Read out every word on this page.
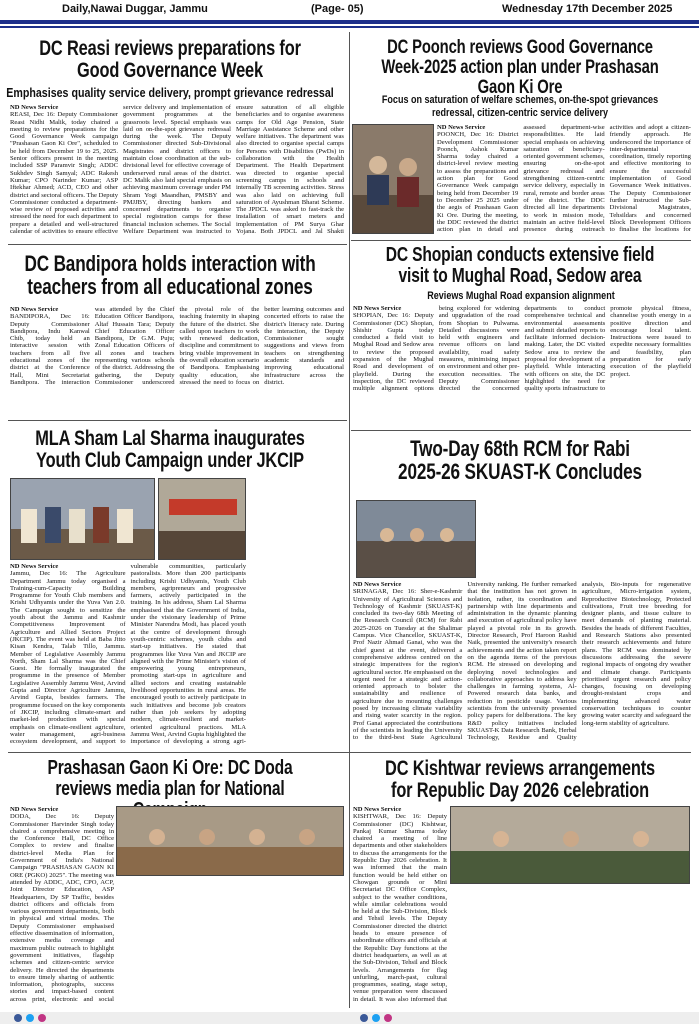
Daily,Nawai Duggar, Jammu	(Page- 05)	Wednesday 17th December 2025
DC Reasi reviews preparations for Good Governance Week
Emphasises quality service delivery, prompt grievance redressal
ND News Service
REASI, Dec 16: Deputy Commissioner Reasi Nidhi Malik, today chaired a meeting to review preparations for the Good Governance Week campaign "Prashasan Gaon Ki Ore", scheduled to be held from December 19 to 25, 2025. Senior officers present in the meeting included SSP Paramvir Singh; ADDC Sukhdev Singh Samyal; ADC Rakesh Kumar; CPO Narinder Kumar; ASP Iftekhar Ahmed; ACD, CEO and other district and sectoral officers. The Deputy Commissioner conducted a department-wise review of proposed activities and stressed the need for each department to prepare a detailed and well-structured calendar of activities to ensure effective service delivery and implementation of government programmes at the grassroots level. Special emphasis was laid on on-the-spot grievance redressal during the week. The Deputy Commissioner directed Sub-Divisional Magistrates and district officers to maintain close coordination at the sub-divisional level for effective coverage of underserved rural areas of the district. DC Malik also laid special emphasis on achieving maximum coverage under PM Shram Yogi Maandhan, PMSBY and PMJJBY, directing bankers and concerned departments to organise special registration camps for these financial inclusion schemes. The Social Welfare Department was instructed to ensure saturation of all eligible beneficiaries and to organise awareness camps for Old Age Pension, State Marriage Assistance Scheme and other welfare initiatives. The department was also directed to organise special camps for Persons with Disabilities (PwDs) in collaboration with the Health Department. The Health Department was directed to organise special screening camps in schools and internally TB screening activities. Stress was also laid on achieving full saturation of Ayushman Bharat Scheme. The JPDCL was asked to fast-track the installation of smart meters and implementation of PM Surya Ghar Yojana. Both JPDCL and Jal Shakti
DC Poonch reviews Good Governance Week-2025 action plan under Prashasan Gaon Ki Ore
Focus on saturation of welfare schemes, on-the-spot grievances redressal, citizen-centric service delivery
ND News Service
POONCH, Dec 16: District Development Commissioner Poonch, Ashok Kumar Sharma today chaired a district-level review meeting to assess the preparations and action plan for Good Governance Week campaign being held from December 19 to December 25 2025 under the aegis of Prashasan Gaon Ki Ore. During the meeting, the DDC reviewed the district action plan in detail and assessed department-wise responsibilities. He laid special emphasis on achieving saturation of beneficiary-oriented government schemes, ensuring on-the-spot grievance redressal and strengthening citizen-centric service delivery, especially in rural, remote and border areas of the district. The DDC directed all line departments to work in mission mode, maintain an active field-level presence during outreach activities and adopt a citizen-friendly approach. He underscored the importance of inter-departmental coordination, timely reporting and effective monitoring to ensure the successful implementation of Good Governance Week initiatives. The Deputy Commissioner further instructed the Sub-Divisional Magistrates, Tehsildars and concerned Block Development Officers to finalise the locations for
DC Bandipora holds interaction with teachers from all educational zones
ND News Service
BANDIPORA, Dec 16: Deputy Commissioner Bandipora, Indu Kanwal Chib, today held an interactive session with teachers from all five educational zones of the district at the Conference Hall, Mini Secretariat Bandipora. The interaction was attended by the Chief Education Officer Bandipora, Altaf Hussain Tara; Deputy Chief Education Officer Bandipora, Dr G.M. Puju; Zonal Education Officers of all zones and teachers representing various schools of the district. Addressing the gathering, the Deputy Commissioner underscored the pivotal role of the teaching fraternity in shaping the future of the district. She called upon teachers to work with renewed dedication, discipline and commitment to bring visible improvement in the overall education scenario of Bandipora. Emphasising quality education, she stressed the need to focus on better learning outcomes and concerted efforts to raise the district's literacy rate. During the interaction, the Deputy Commissioner sought suggestions and views from teachers on strengthening academic standards and improving educational infrastructure across the district.
DC Shopian conducts extensive field visit to Mughal Road, Sedow area
Reviews Mughal Road expansion alignment
ND News Service
SHOPIAN, Dec 16: Deputy Commissioner (DC) Shopian, Shishir Gupta today conducted a field visit to Mughal Road and Sedow area to review the proposed expansion of the Mughal Road and development of playfield. During the inspection, the DC reviewed multiple alignment options being explored for widening and upgradation of the road from Shopian to Pulwama. Detailed discussions were held with engineers and revenue officers on land availability, road safety measures, minimising impact on environment and other pre-execution necessities. The Deputy Commissioner directed the concerned departments to conduct comprehensive technical and environmental assessments and submit detailed reports to facilitate informed decision-making. Later, the DC visited Sedow area to review the proposal for development of a playfield. While interacting with officers on site, the DC highlighted the need for quality sports infrastructure to promote physical fitness, channelise youth energy in a positive direction and encourage local talent. Instructions were issued to expedite necessary formalities and feasibility, plan preparation for early execution of the playfield project.
MLA Sham Lal Sharma inaugurates Youth Club Campaign under JKCIP
ND News Service
Jammu, Dec 16: The Agriculture Department Jammu today organised a Training-cum-Capacity Building Programme for Youth Club members and Krishi Udhyamis under the Yuva Van 2.0. The Campaign sought to sensitize the youth about the Jammu and Kashmir Competitiveness Improvement of Agriculture and Allied Sectors Project (JKCIP). The event was held at Baba Jitto Kisan Kendra, Talab Tillo, Jammu. Member of Legislative Assembly Jammu North, Sham Lal Sharma was the Chief Guest. He formally inaugurated the programme in the presence of Member Legislative Assembly Jammu West, Arvind Gupta and Director Agriculture Jammu, Arvind Gupta, besides farmers. The programme focused on the key components of JKCIP, including climate-smart and market-led production with special emphasis on climate-resilient agriculture, water management, agri-business ecosystem development, and support to vulnerable communities, particularly pastoralists. More than 200 participants including Krishi Udhyamis, Youth Club members, agripreneurs and progressive farmers, actively participated in the training. In his address, Sham Lal Sharma emphasised that the Government of India, under the visionary leadership of Prime Minister Narendra Modi, has placed youth at the centre of development through youth-centric schemes, youth clubs and start-up initiatives. He stated that programmes like Yuva Van and JKCIP are aligned with the Prime Minister's vision of empowering young entrepreneurs, promoting start-ups in agriculture and allied sectors and creating sustainable livelihood opportunities in rural areas. He encouraged youth to actively participate in such initiatives and become job creators rather than job seekers by adopting modern, climate-resilient and market-oriented agricultural practices. MLA Jammu West, Arvind Gupta highlighted the importance of developing a strong agri-
Two-Day 68th RCM for Rabi 2025-26 SKUAST-K Concludes
ND News Service
SRINAGAR, Dec 16: Sher-e-Kashmir University of Agricultural Sciences and Technology of Kashmir (SKUAST-K) concluded its two-day 68th Meeting of the Research Council (RCM) for Rabi 2025-2026 on Tuesday at the Shalimar Campus. Vice Chancellor, SKUAST-K, Prof Nazir Ahmad Ganai, who was the chief guest at the event, delivered a comprehensive address centred on the strategic imperatives for the region's agricultural sector. He emphasised on the urgent need for a strategic and action-oriented approach to bolster the sustainability and resilience of agriculture due to mounting challenges posed by increasing climate variability and rising water scarcity in the region. Prof Ganai appreciated the contributions of the scientists in leading the University to the third-best State Agricultural University ranking. He further remarked that the institution has not grown in isolation, rather, its coordination and partnership with line departments and administration in the dynamic planning and execution of agricultural policy have played a pivotal role in its growth. Director Research, Prof Haroon Rashid Naik, presented the university's research achievements and the action taken report on the agenda items of the previous RCM. He stressed on developing and deploying novel technologies and collaborative approaches to address key challenges in farming systems, Al-Powered research data banks, and reduction in pesticide usage. Various scientists from the university presented policy papers for deliberations. The key R&D policy initiatives included SKUAST-K Data Research Bank, Herbal Technology, Residue and Quality analysis, Bio-inputs for regenerative agriculture, Micro-irrigation system, Reproductive Biotechnology, Protected cultivations, Fruit tree breeding for designer plants, and tissue culture to meet demands of planting material. Besides the heads of different Faculties, and Research Stations also presented their research achievements and future plans. The RCM was dominated by discussions addressing the severe regional impacts of ongoing dry weather and climate change. Participants prioritised urgent research and policy changes, focusing on developing drought-resistant crops and implementing advanced water conservation techniques to counter growing water scarcity and safeguard the long-term stability of agriculture.
Prashasan Gaon Ki Ore: DC Doda reviews media plan for National
ND News Service
DODA, Dec 16: Deputy Commissioner Harvinder Singh today chaired a comprehensive meeting in the Conference Hall, DC Office Complex to review and finalise district-level Media Plan for Government of India's National Campaign "PRASHASAN GAON KI ORE (PGKO) 2025". The meeting was attended by ADDC, ADC, CPO, ACP, Joint Director Education, ASP Headquarters, Dy SP Traffic, besides district officers and officials from various government departments, both in physical and virtual modes. The Deputy Commissioner emphasised effective dissemination of information, extensive media coverage and maximum public outreach to highlight government initiatives, flagship schemes and citizen-centric service delivery. He directed the departments to ensure timely sharing of authentic information, photographs, success stories and impact-based content across print, electronic and social
DC Kishtwar reviews arrangements for Republic Day 2026 celebration
ND News Service
KISHTWAR, Dec 16: Deputy Commissioner (DC) Kishtwar, Pankaj Kumar Sharma today chaired a meeting of line departments and other stakeholders to discuss the arrangements for the Republic Day 2026 celebration. It was informed that the main function would be held either on Chowgan grounds or Mini Secretariat DC Office Complex, subject to the weather conditions, while similar celebrations would be held at the Sub-Division, Block and Tehsil levels. The Deputy Commissioner directed the district heads to ensure presence of subordinate officers and officials at the Republic Day functions at the district headquarters, as well as at the Sub-Division, Tehsil and Block levels. Arrangements for flag unfurling, march-past, cultural programmes, seating, stage setup, venue preparation were discussed in detail. It was also informed that
